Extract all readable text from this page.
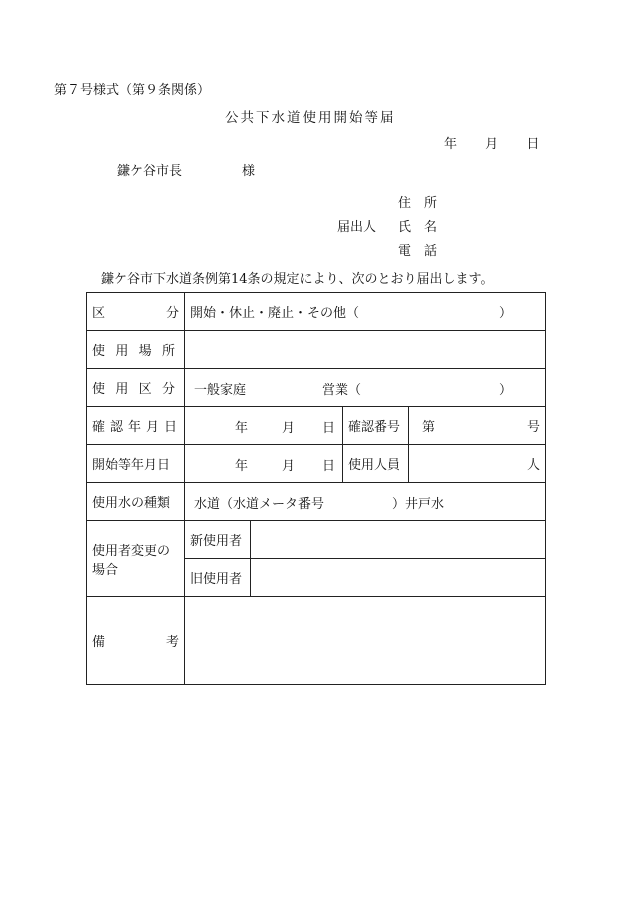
第７号様式（第９条関係）
公共下水道使用開始等届
年 月 日
鎌ケ谷市長	様
住　所
届出人 氏　名
電　話
鎌ケ谷市下水道条例第14条の規定により、次のとおり届出します。
区 分	開始・休止・廃止・その他（ ）			

使 用 場 所				

使 用 区 分	一般家庭 営業（ ）			

確 認 年 月 日	年 月 日		確認番号	第 号

開始等年月日	年 月 日		使用人員	人
使用水の種類	水道（水道メータ番号 ）井戸水			

使用者変更の
場合	新使用者			
	旧使用者			

備 考				
